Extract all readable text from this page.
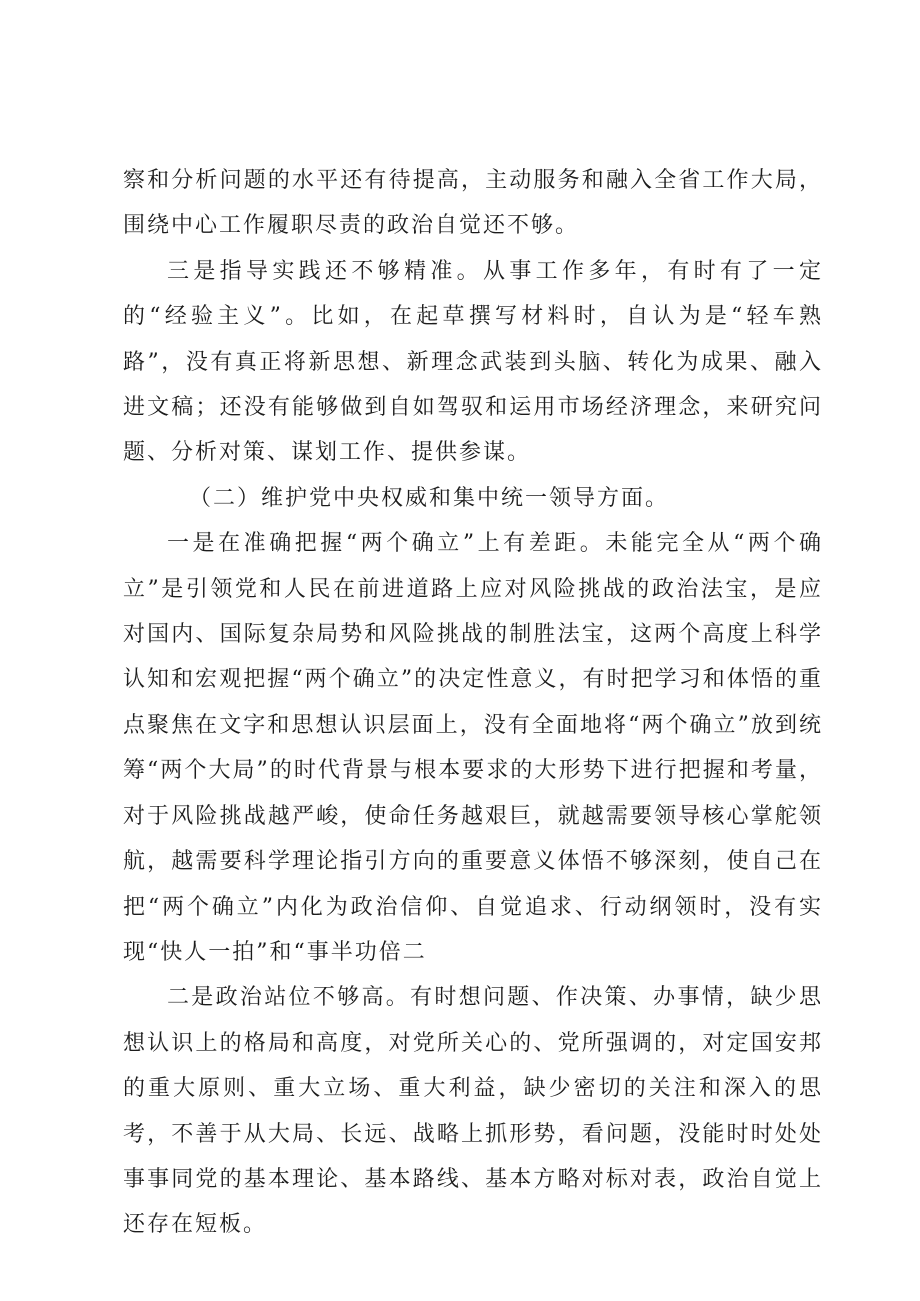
察和分析问题的水平还有待提高，主动服务和融入全省工作大局，围绕中心工作履职尽责的政治自觉还不够。

三是指导实践还不够精准。从事工作多年，有时有了一定的“经验主义”。比如，在起草撰写材料时，自认为是“轻车熟路”，没有真正将新思想、新理念武装到头脑、转化为成果、融入进文稿；还没有能够做到自如驾驭和运用市场经济理念，来研究问题、分析对策、谋划工作、提供参谋。

（二）维护党中央权威和集中统一领导方面。

一是在准确把握“两个确立”上有差距。未能完全从“两个确立”是引领党和人民在前进道路上应对风险挑战的政治法宝，是应对国内、国际复杂局势和风险挑战的制胜法宝，这两个高度上科学认知和宏观把握“两个确立”的决定性意义，有时把学习和体悟的重点聚焦在文字和思想认识层面上，没有全面地将“两个确立”放到统筹“两个大局”的时代背景与根本要求的大形势下进行把握和考量，对于风险挑战越严峻，使命任务越艰巨，就越需要领导核心掌舵领航，越需要科学理论指引方向的重要意义体悟不够深刻，使自己在把“两个确立”内化为政治信仰、自觉追求、行动纲领时，没有实现“快人一拍”和“事半功倍二

二是政治站位不够高。有时想问题、作决策、办事情，缺少思想认识上的格局和高度，对党所关心的、党所强调的，对定国安邦的重大原则、重大立场、重大利益，缺少密切的关注和深入的思考，不善于从大局、长远、战略上抓形势，看问题，没能时时处处事事同党的基本理论、基本路线、基本方略对标对表，政治自觉上还存在短板。
